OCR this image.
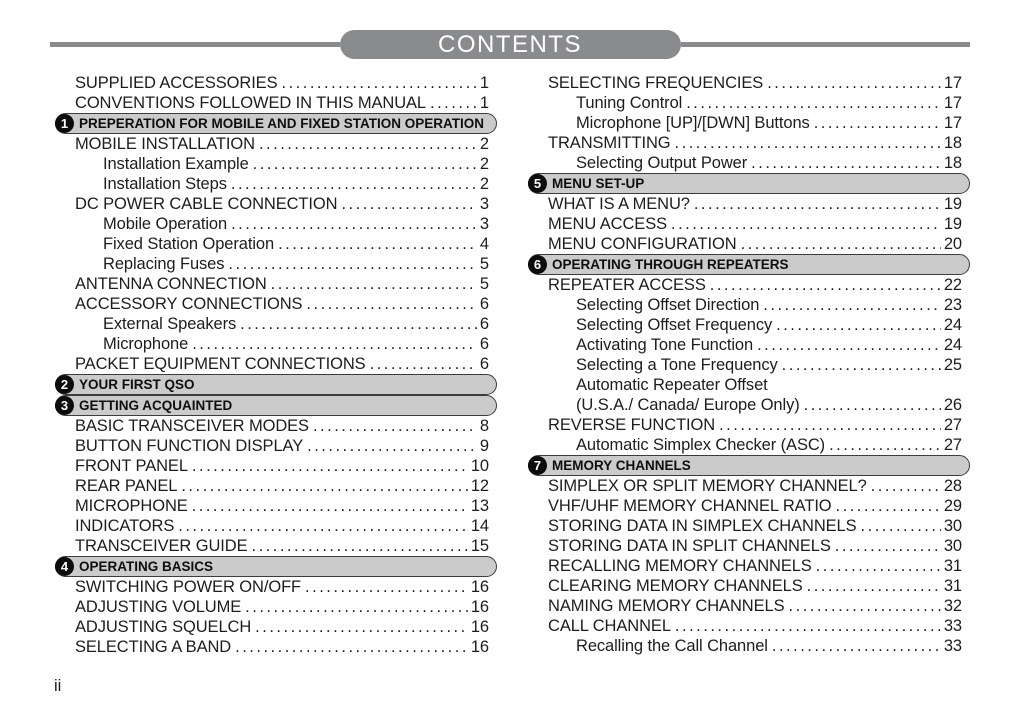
CONTENTS
SUPPLIED ACCESSORIES .....	1
CONVENTIONS FOLLOWED IN THIS MANUAL .....	1
1 PREPERATION FOR MOBILE AND FIXED STATION OPERATION
MOBILE INSTALLATION .....	2
Installation Example .....	2
Installation Steps .....	2
DC POWER CABLE CONNECTION .....	3
Mobile Operation .....	3
Fixed Station Operation .....	4
Replacing Fuses .....	5
ANTENNA CONNECTION .....	5
ACCESSORY CONNECTIONS .....	6
External Speakers .....	6
Microphone .....	6
PACKET EQUIPMENT CONNECTIONS .....	6
2 YOUR FIRST QSO
3 GETTING ACQUAINTED
BASIC TRANSCEIVER MODES .....	8
BUTTON FUNCTION DISPLAY .....	9
FRONT PANEL .....	10
REAR PANEL .....	12
MICROPHONE .....	13
INDICATORS .....	14
TRANSCEIVER GUIDE .....	15
4 OPERATING BASICS
SWITCHING POWER ON/OFF .....	16
ADJUSTING VOLUME .....	16
ADJUSTING SQUELCH .....	16
SELECTING A BAND .....	16
SELECTING FREQUENCIES .....	17
Tuning Control .....	17
Microphone [UP]/[DWN] Buttons .....	17
TRANSMITTING .....	18
Selecting Output Power .....	18
5 MENU SET-UP
WHAT IS A MENU? .....	19
MENU ACCESS .....	19
MENU CONFIGURATION .....	20
6 OPERATING THROUGH REPEATERS
REPEATER ACCESS .....	22
Selecting Offset Direction .....	23
Selecting Offset Frequency .....	24
Activating Tone Function .....	24
Selecting a Tone Frequency .....	25
Automatic Repeater Offset
(U.S.A./ Canada/ Europe Only) .....	26
REVERSE FUNCTION .....	27
Automatic Simplex Checker (ASC) .....	27
7 MEMORY CHANNELS
SIMPLEX OR SPLIT MEMORY CHANNEL? .....	28
VHF/UHF MEMORY CHANNEL RATIO .....	29
STORING DATA IN SIMPLEX CHANNELS .....	30
STORING DATA IN SPLIT CHANNELS .....	30
RECALLING MEMORY CHANNELS .....	31
CLEARING MEMORY CHANNELS .....	31
NAMING MEMORY CHANNELS .....	32
CALL CHANNEL .....	33
Recalling the Call Channel .....	33
ii
